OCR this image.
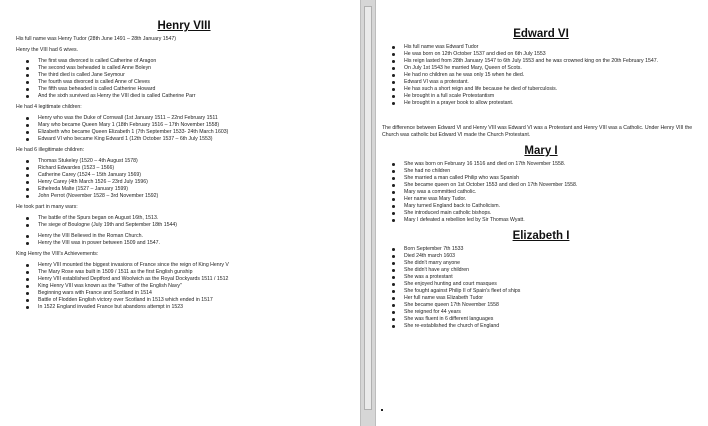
Henry VIII

His full name was Henry Tudor (28th June 1491 – 28th January 1547)

Henry the VIII had 6 wives.

The first was divorced is called Catherine of Aragon
The second was beheaded is called Anne Boleyn
The third died is called Jane Seymour
The fourth was divorced is called Anne of Cleves
The fifth was beheaded is called Catherine Howard
And the sixth survived as Henry the VIII died is called Catherine Parr

He had 4 legitimate children:

Henry who was the Duke of Cornwall (1st January 1511 – 22nd February 1511
Mary who became Queen Mary 1 (18th February 1516 – 17th November 1558)
Elizabeth who became Queen Elizabeth 1 (7th September 1533- 24th March 1603)
Edward VI who became King Edward 1 (12th October 1537 – 6th July 1553)

He had 6 illegitimate children:

Thomas Stukeley (1520 – 4th August 1578)
Richard Edwardes (1523 – 1566)
Catherine Carey (1524 – 15th January 1569)
Henry Carey (4th March 1526 – 23rd July 1596)
Ethelreda Malte (1527 – January 1599)
John Perrot (November 1528 – 3rd November 1592)

He took part in many wars:

The battle of the Spurs began on August 16th, 1513.
The siege of Boulogne (July 19th and September 18th 1544)
Henry the VIII Believed in the Roman Church.
Henry the VIII was in power between 1509 and 1547.

King Henry the VIII's Achievements:

Henry VIII mounted the biggest invasions of France since the reign of King Henry V
The Mary Rose was built in 1509 / 1511 as the first English gunship
Henry VIII established Deptford and Woolwich as the Royal Dockyards 1511 / 1512
King Henry VIII was known as the "Father of the English Navy"
Beginning wars with France and Scotland in 1514
Battle of Flodden English victory over Scotland in 1513 which ended in 1517
In 1522 England invaded France but abandons attempt in 1523
Edward VI
His full name was Edward Tudor
He was born on 12th October 1537 and died on 6th July 1553
His reign lasted from 28th January 1547 to 6th July 1553 and he was crowned king on the 20th February 1547.
On July 1st 1543 he married Mary, Queen of Scots.
He had no children as he was only 15 when he died.
Edward VI was a protestant.
He has such a short reign and life because he died of tuberculosis.
He brought in a full scale Protestantism
He brought in a prayer book to allow protestant.

The difference between Edward VI and Henry VIII was Edward VI was a Protestant and Henry VIII was a Catholic. Under Henry VIII the Church was catholic but Edward VI made the Church Protestant.

Mary I
She was born on February 16 1516 and died on 17th November 1558.
She had no children
She married a man called Philip who was Spanish
She became queen on 1st October 1553 and died on 17th November 1558.
Mary was a committed catholic.
Her name was Mary Tudor.
Mary turned England back to Catholicism.
She introduced main catholic bishops.
Mary I defeated a rebellion led by Sir Thomas Wyatt.
Elizabeth I
Born September 7th 1533
Died 24th march 1603
She didn't marry anyone
She didn't have any children
She was a protestant
She enjoyed hunting and court masques
She fought against Philip II of Spain's fleet of ships
Her full name was Elizabeth Tudor
She became queen 17th November 1558
She reigned for 44 years
She was fluent in 6 different languages
She re-established the church of England
